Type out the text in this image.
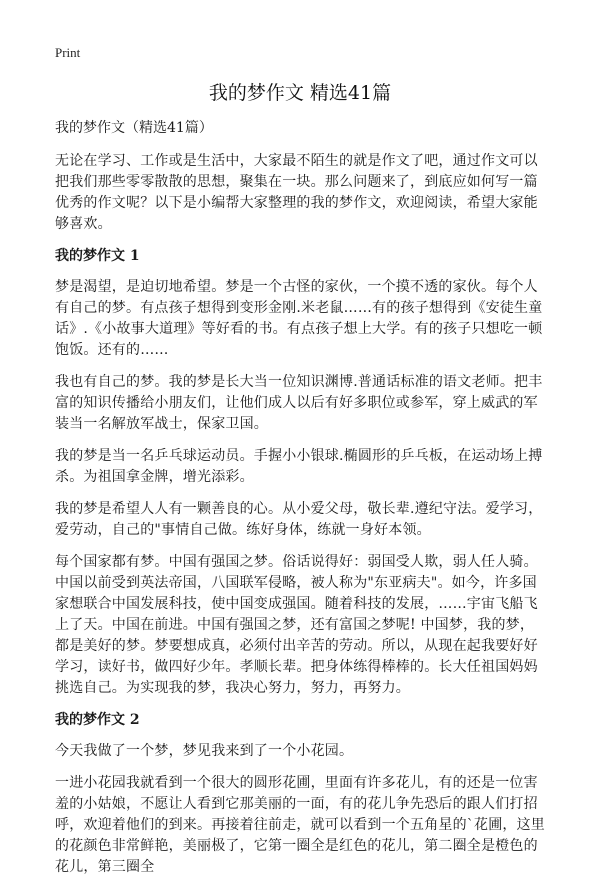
Print
我的梦作文 精选41篇

我的梦作文（精选41篇）

无论在学习、工作或是生活中，大家最不陌生的就是作文了吧，通过作文可以把我们那些零零散散的思想，聚集在一块。那么问题来了，到底应如何写一篇优秀的作文呢？以下是小编帮大家整理的我的梦作文，欢迎阅读，希望大家能够喜欢。

我的梦作文 1

梦是渴望，是迫切地希望。梦是一个古怪的家伙，一个摸不透的家伙。每个人有自己的梦。有点孩子想得到变形金刚.米老鼠……有的孩子想得到《安徒生童话》.《小故事大道理》等好看的书。有点孩子想上大学。有的孩子只想吃一顿饱饭。还有的……

我也有自己的梦。我的梦是长大当一位知识渊博.普通话标准的语文老师。把丰富的知识传播给小朋友们，让他们成人以后有好多职位或参军，穿上威武的军装当一名解放军战士，保家卫国。

我的梦是当一名乒乓球运动员。手握小小银球.椭圆形的乒乓板，在运动场上搏杀。为祖国拿金牌，增光添彩。

我的梦是希望人人有一颗善良的心。从小爱父母，敬长辈.遵纪守法。爱学习，爱劳动，自己的"事情自己做。练好身体，练就一身好本领。

每个国家都有梦。中国有强国之梦。俗话说得好：弱国受人欺，弱人任人骑。中国以前受到英法帝国，八国联军侵略，被人称为"东亚病夫"。如今，许多国家想联合中国发展科技，使中国变成强国。随着科技的发展，……宇宙飞船飞上了天。中国在前进。中国有强国之梦，还有富国之梦呢! 中国梦，我的梦，都是美好的梦。梦要想成真，必须付出辛苦的劳动。所以，从现在起我要好好学习，读好书，做四好少年。孝顺长辈。把身体练得棒棒的。长大任祖国妈妈挑选自己。为实现我的梦，我决心努力，努力，再努力。

我的梦作文 2

今天我做了一个梦，梦见我来到了一个小花园。

一进小花园我就看到一个很大的圆形花圃，里面有许多花儿，有的还是一位害羞的小姑娘，不愿让人看到它那美丽的一面，有的花儿争先恐后的跟人们打招呼，欢迎着他们的到来。再接着往前走，就可以看到一个五角星的`花圃，这里的花颜色非常鲜艳，美丽极了，它第一圈全是红色的花儿，第二圈全是橙色的花儿，第三圈全
